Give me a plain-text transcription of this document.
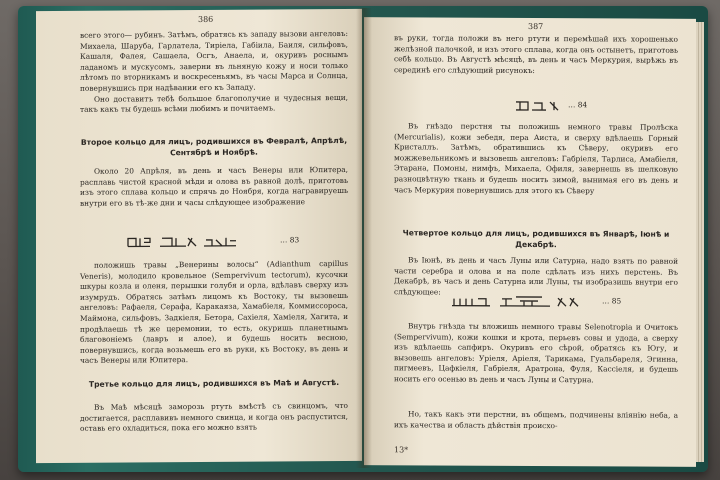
386

всего этого— рубинъ. Затѣмъ, обратясь къ западу вызови ангеловъ: Михаела, Шаруба, Гарлатела, Тирiела, Габiила, Баиля, сильфовъ, Кашаля, Фалея, Сашаела, Осгъ, Анаела, и, окуривъ роснымъ ладаномъ и мускусомъ, заверни въ льняную кожу и носи только лѣтомъ по вторникамъ и воскресеньямъ, въ часы Марса и Солнца, повернувшись при надѣвании его къ Западу.

Оно доставитъ тебѣ большое благополучие и чудесныя вещи, такъ какъ ты будешь всѣми любимъ и почитаемъ.

Второе кольцо для лицъ, родившихся въ Февралѣ, Апрѣлѣ, Сентябрѣ и Ноябрѣ.
Около 20 Апрѣля, въ день и часъ Венеры или Юпитера, расплавь чистой красной мѣди и олова въ равной долѣ, приготовь изъ этого сплава кольцо и спрячь до Ноября, когда награвируешь внутри его въ тѣ-же дни и часы слѣдующее изображение
… 83
положишь травы „Венерины волосы“ (Adianthum capillus Veneris), молодило кровельное (Sempervivum tectorum), кусочки шкуры козла и оленя, перышки голубя и орла, вдѣлавъ сверху изъ изумрудъ. Обратясь затѣмъ лицомъ къ Востоку, ты вызовешь ангеловъ: Рафаеля, Серафа, Каракаяза, Хамабiеля, Коммиссороса, Маймона, сильфовъ, Задкiеля, Бетора, Сахiеля, Хамiеля, Хагита, и продѣлаешь тѣ же церемонии, то есть, окуришь планетнымъ благовонiемъ (лавръ и алое), и будешь носить весною, повернувшись, когда возьмешь его въ руки, къ Востоку, въ день и часъ Венеры или Юпитера.
Третье кольцо для лицъ, родившихся въ Маѣ и Августѣ.
Въ Маѣ мѣсяцѣ заморозь ртуть вмѣстѣ съ свинцомъ, что достигается, расплавивъ немного свинца, и когда онъ распустится, оставь его охладиться, пока его можно взять
387
въ руки, тогда положи въ него ртути и перемѣшай ихъ хорошенько желѣзной палочкой, и изъ этого сплава, когда онъ остынетъ, приготовь себѣ кольцо. Въ Августѣ мѣсяцѣ, въ день и часъ Меркурия, вырѣжь въ серединѣ его слѣдующий рисунокъ:
… 84
Въ гнѣздо перстня ты положишь немного травы Пролѣска (Mercurialis), кожи зебедя, пера Аиста, и сверху вдѣлаешь Горный Кристаллъ. Затѣмъ, обратившись къ Сѣверу, окуривъ его можжевельникомъ и вызовешь ангеловъ: Габрiеля, Тарлиса, Амабiеля, Этарана, Помоны, нимфъ, Михаела, Офиля, завернешь въ шелковую разноцвѣтную ткань и будешь носить зимой, вынимая его въ день и часъ Меркурия повернувшись для этого къ Сѣверу
Четвертое кольцо для лицъ, родившихся въ Январѣ, Iюнѣ и Декабрѣ.
Въ Iюнѣ, въ день и часъ Луны или Сатурна, надо взять по равной части серебра и олова и на поле сдѣлать изъ нихъ перстень. Въ Декабрѣ, въ часъ и день Сатурна или Луны, ты изобразишь внутри его слѣдующее:
… 85
Внутрь гнѣзда ты вложишь немного травы Selenotropia и Очитокъ (Sempervivum), кожи кошки и крота, перьевъ совы и удода, а сверху изъ вдѣлаешь сапфиръ. Окуривъ его сѣрой, обратясь къ Югу, и вызовешь ангеловъ: Урiеля, Арiеля, Тарикама, Гуальбареля, Эгинна, пигмеевъ, Цафкiеля, Габрiеля, Аратрона, Фуля, Кассiеля, и будешь носить его осенью въ день и часъ Луны и Сатурна.
Но, такъ какъ эти перстни, въ общемъ, подчинены вліянію неба, а ихъ качества и область дѣйствiя происхо-
13*
